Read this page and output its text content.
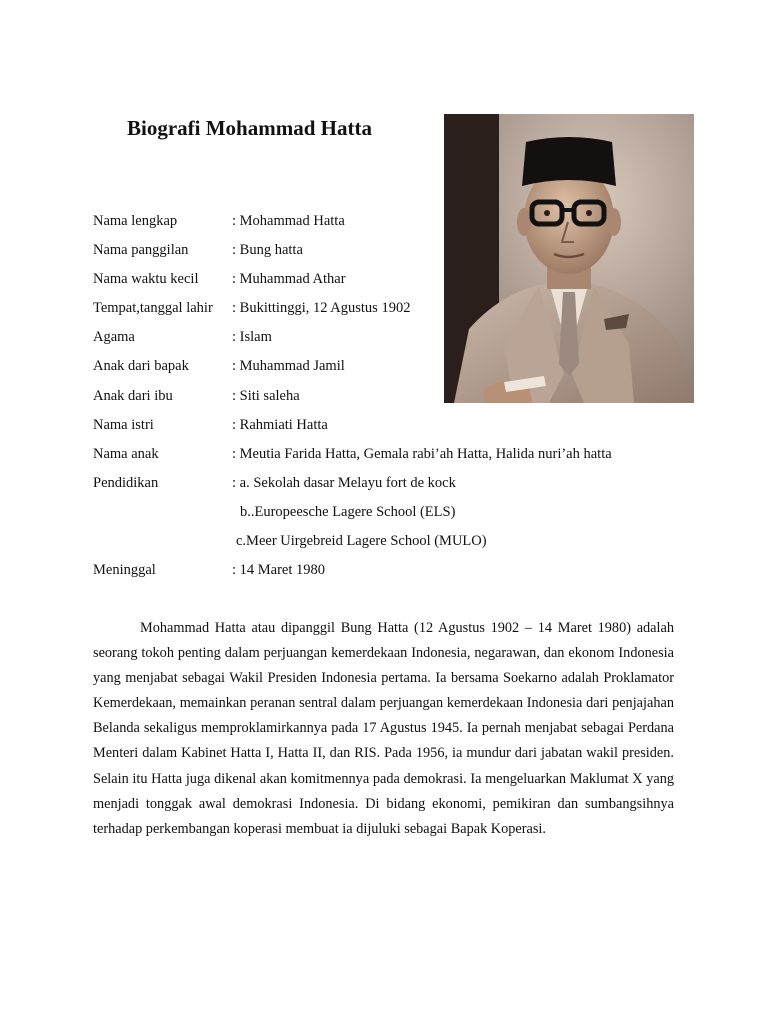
Biografi Mohammad Hatta
Nama lengkap	: Mohammad Hatta
Nama panggilan	: Bung hatta
Nama waktu kecil : Muhammad Athar
Tempat,tanggal lahir : Bukittinggi, 12 Agustus 1902
Agama	: Islam
Anak dari bapak	: Muhammad Jamil
Anak dari ibu	: Siti saleha
Nama istri	: Rahmiati Hatta
Nama anak	: Meutia Farida Hatta, Gemala rabi’ah Hatta, Halida nuri’ah hatta
Pendidikan	: a. Sekolah dasar Melayu fort de kock
b..Europeesche Lagere School (ELS)
c.Meer Uirgebreid Lagere School (MULO)
Meninggal	: 14 Maret 1980

Mohammad Hatta atau dipanggil Bung Hatta (12 Agustus 1902 – 14 Maret 1980) adalah seorang tokoh penting dalam perjuangan kemerdekaan Indonesia, negarawan, dan ekonom Indonesia yang menjabat sebagai Wakil Presiden Indonesia pertama. Ia bersama Soekarno adalah Proklamator Kemerdekaan, memainkan peranan sentral dalam perjuangan kemerdekaan Indonesia dari penjajahan Belanda sekaligus memproklamirkannya pada 17 Agustus 1945. Ia pernah menjabat sebagai Perdana Menteri dalam Kabinet Hatta I, Hatta II, dan RIS. Pada 1956, ia mundur dari jabatan wakil presiden. Selain itu Hatta juga dikenal akan komitmennya pada demokrasi. Ia mengeluarkan Maklumat X yang menjadi tonggak awal demokrasi Indonesia. Di bidang ekonomi, pemikiran dan sumbangsihnya terhadap perkembangan koperasi membuat ia dijuluki sebagai Bapak Koperasi.
